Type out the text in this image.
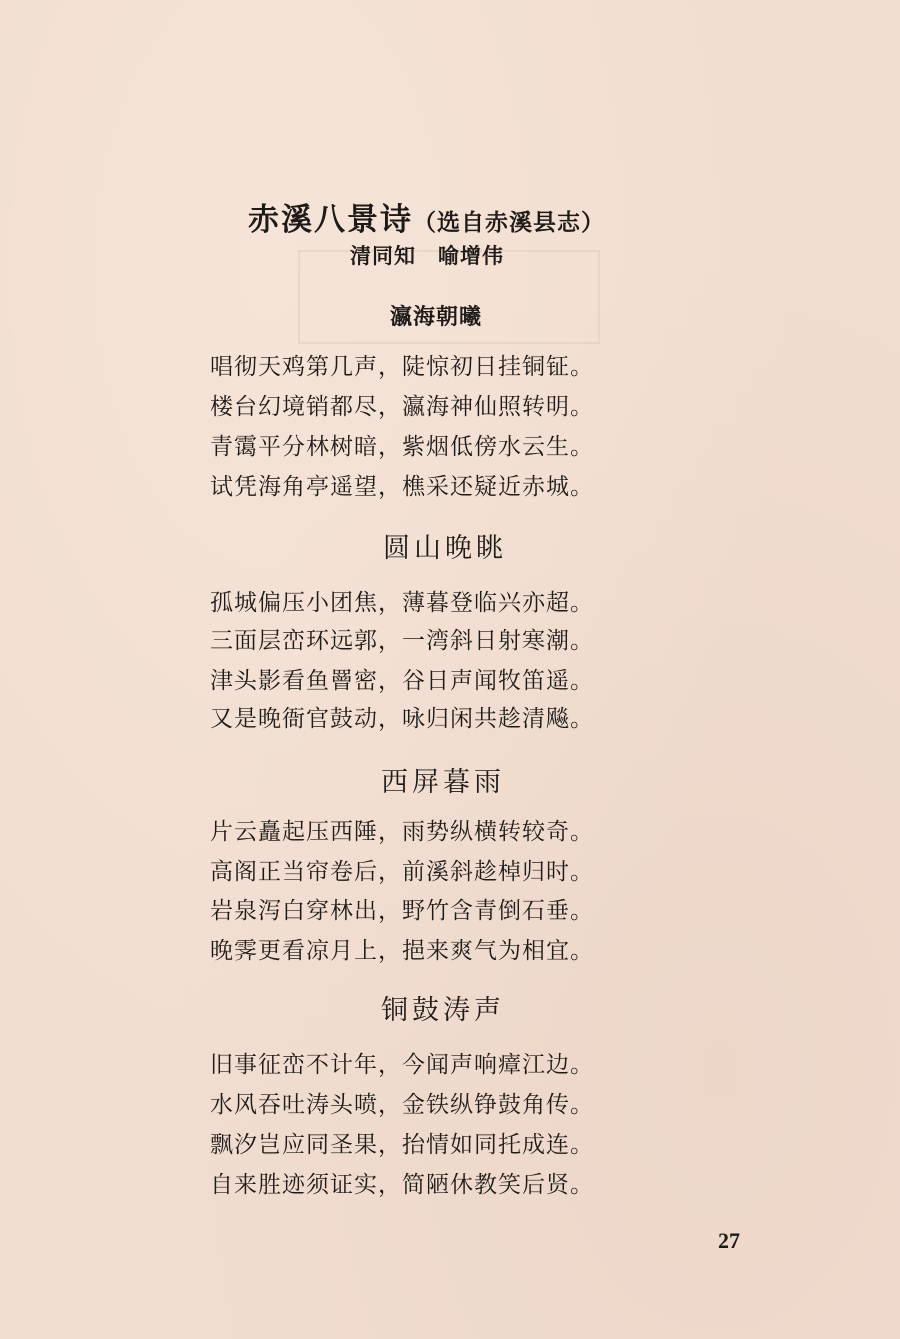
赤溪八景诗（选自赤溪县志）
清同知 喻增伟
瀛海朝曦
唱彻天鸡第几声，陡惊初日挂铜钲。
楼台幻境销都尽，瀛海神仙照转明。
青霭平分林树暗，紫烟低傍水云生。
试凭海角亭遥望，樵采还疑近赤城。
圆山晚眺
孤城偏压小团焦，薄暮登临兴亦超。
三面层峦环远郭，一湾斜日射寒潮。
津头影看鱼罾密，谷日声闻牧笛遥。
又是晚衙官鼓动，咏归闲共趁清飚。
西屏暮雨
片云矗起压西陲，雨势纵横转较奇。
高阁正当帘卷后，前溪斜趁棹归时。
岩泉泻白穿林出，野竹含青倒石垂。
晚霁更看凉月上，挹来爽气为相宜。
铜鼓涛声
旧事征峦不计年，今闻声响瘴江边。
水风吞吐涛头喷，金铁纵铮鼓角传。
飘汐岂应同圣果，抬情如同托成连。
自来胜迹须证实，简陋休教笑后贤。
27
